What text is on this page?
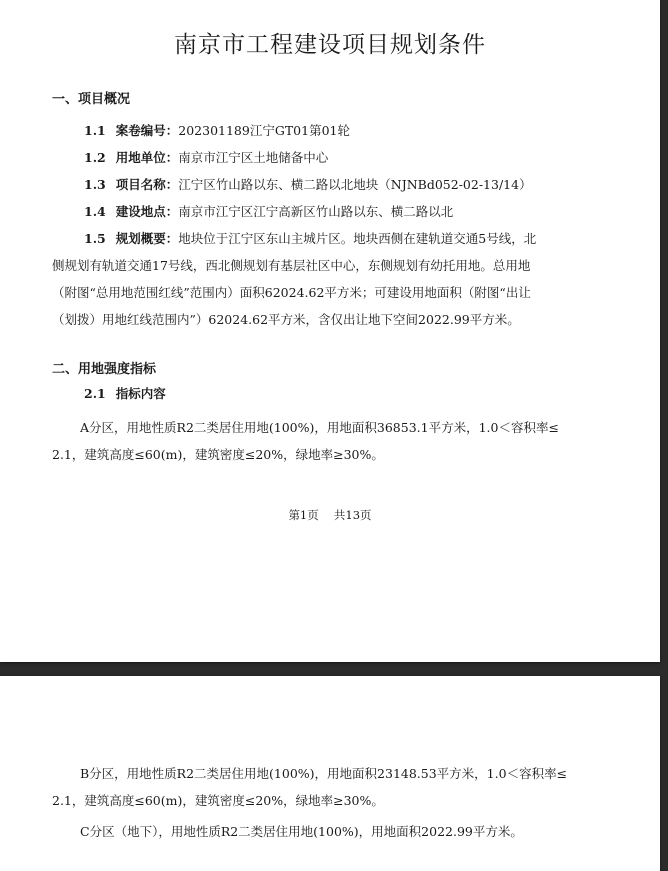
南京市工程建设项目规划条件
一、项目概况
1.1 案卷编号：202301189江宁GT01第01轮
1.2 用地单位：南京市江宁区土地储备中心
1.3 项目名称：江宁区竹山路以东、横二路以北地块（NJNBd052-02-13/14）
1.4 建设地点：南京市江宁区江宁高新区竹山路以东、横二路以北
1.5 规划概要：地块位于江宁区东山主城片区。地块西侧在建轨道交通5号线，北
侧规划有轨道交通17号线，西北侧规划有基层社区中心，东侧规划有幼托用地。总用地
（附图“总用地范围红线”范围内）面积62024.62平方米；可建设用地面积（附图“出让
（划拨）用地红线范围内”）62024.62平方米，含仅出让地下空间2022.99平方米。
二、用地强度指标
2.1 指标内容
A分区，用地性质R2二类居住用地(100%)，用地面积36853.1平方米，1.0＜容积率≤
2.1，建筑高度≤60(m)，建筑密度≤20%，绿地率≥30%。
第1页　 共13页
B分区，用地性质R2二类居住用地(100%)，用地面积23148.53平方米，1.0＜容积率≤
2.1，建筑高度≤60(m)，建筑密度≤20%，绿地率≥30%。
C分区（地下），用地性质R2二类居住用地(100%)，用地面积2022.99平方米。
KS 大众新闻
